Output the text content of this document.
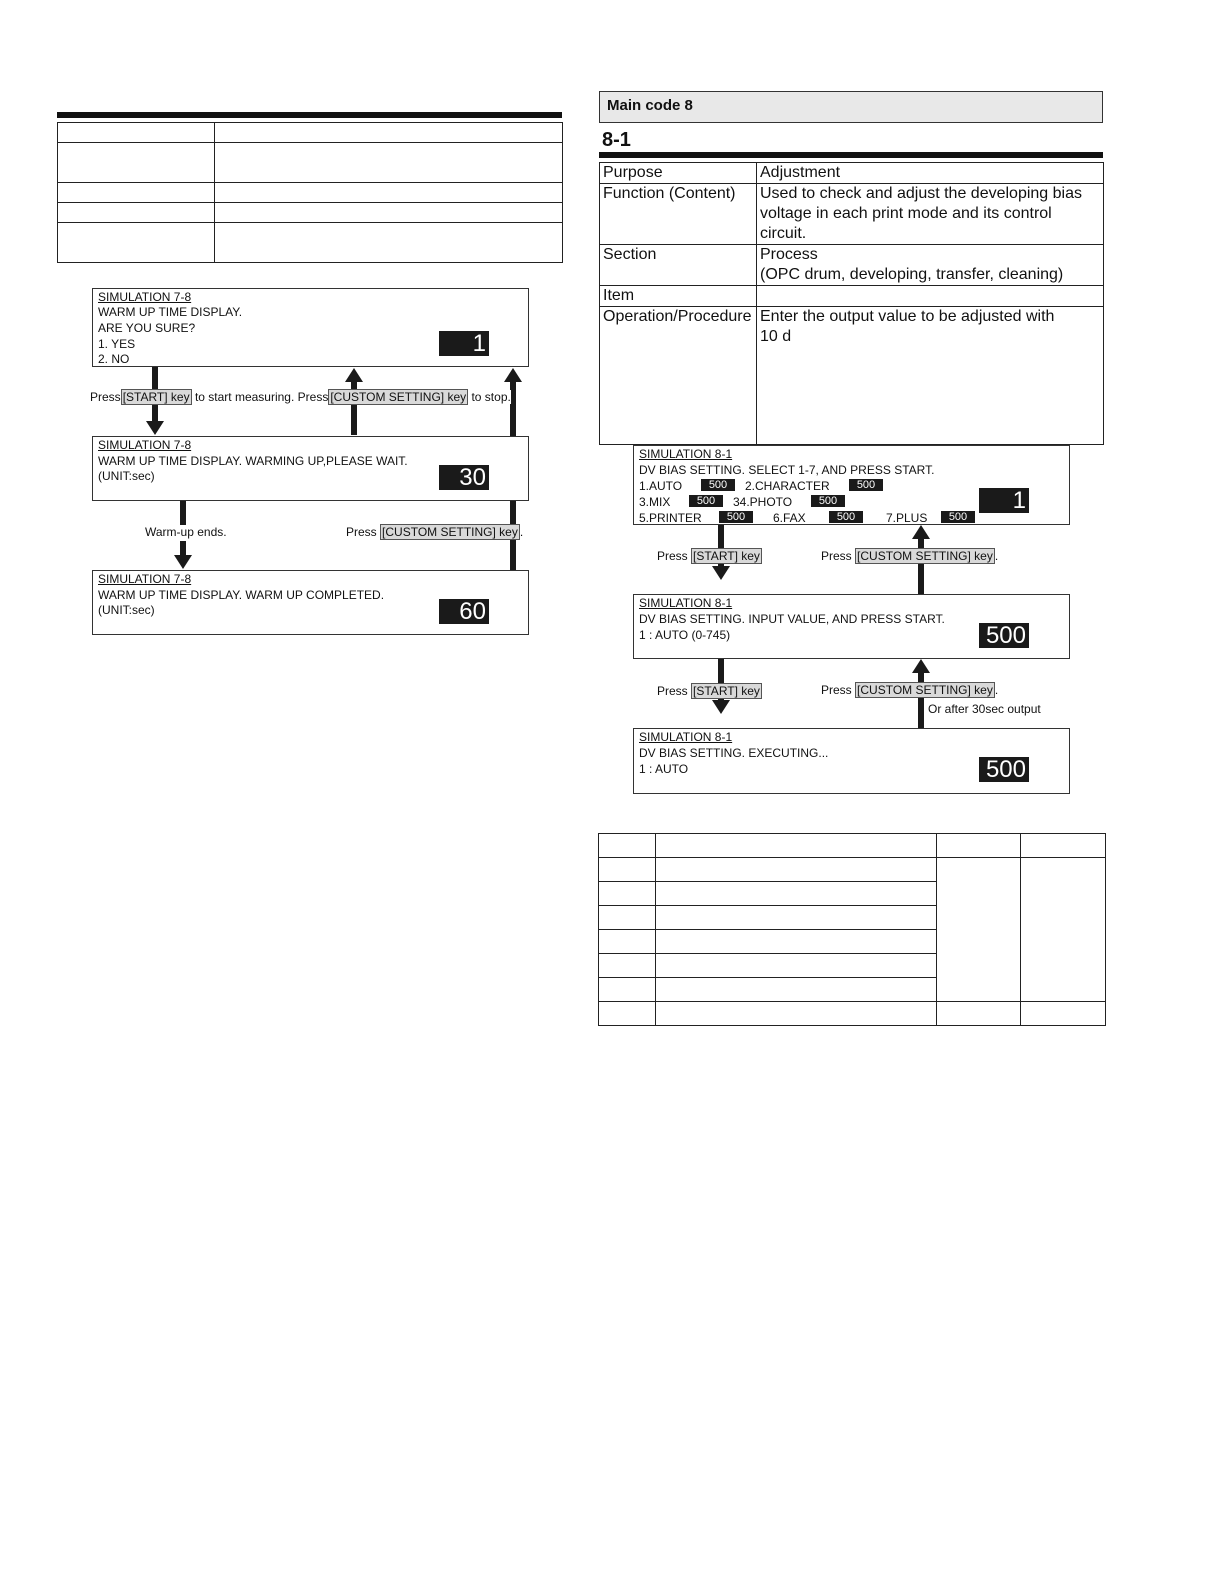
SIMULATION 7-8
WARM UP TIME DISPLAY.
ARE YOU SURE?
1. YES
2. NO
1
Press [START] key to start measuring. Press [CUSTOM SETTING] key to stop.
SIMULATION 7-8
WARM UP TIME DISPLAY. WARMING UP,PLEASE WAIT.
(UNIT:sec)	30
Warm-up ends.	Press [CUSTOM SETTING] key .
SIMULATION 7-8
WARM UP TIME DISPLAY. WARM UP COMPLETED.
(UNIT:sec)	60
Main code 8
8-1
Purpose	Adjustment
Function (Content)	Used to check and adjust the developing bias
voltage in each print mode and its control circuit.

Section	Process
(OPC drum, developing, transfer, cleaning)

Item	
Operation/Procedure	Enter the output value to be adjusted with
10 d
SIMULATION 8-1
DV BIAS SETTING. SELECT 1-7, AND PRESS START.
1.AUTO	500	2.CHARACTER	500
3.MIX	500	34.PHOTO	500
5.PRINTER	500	6.FAX	500	7.PLUS	500
1
Press [START] key	Press [CUSTOM SETTING] key .
SIMULATION 8-1
DV BIAS SETTING. INPUT VALUE, AND PRESS START.
1 : AUTO (0-745)	500
Press [START] key	Press [CUSTOM SETTING] key .
Or after 30sec output
SIMULATION 8-1
DV BIAS SETTING. EXECUTING...
1 : AUTO	500
